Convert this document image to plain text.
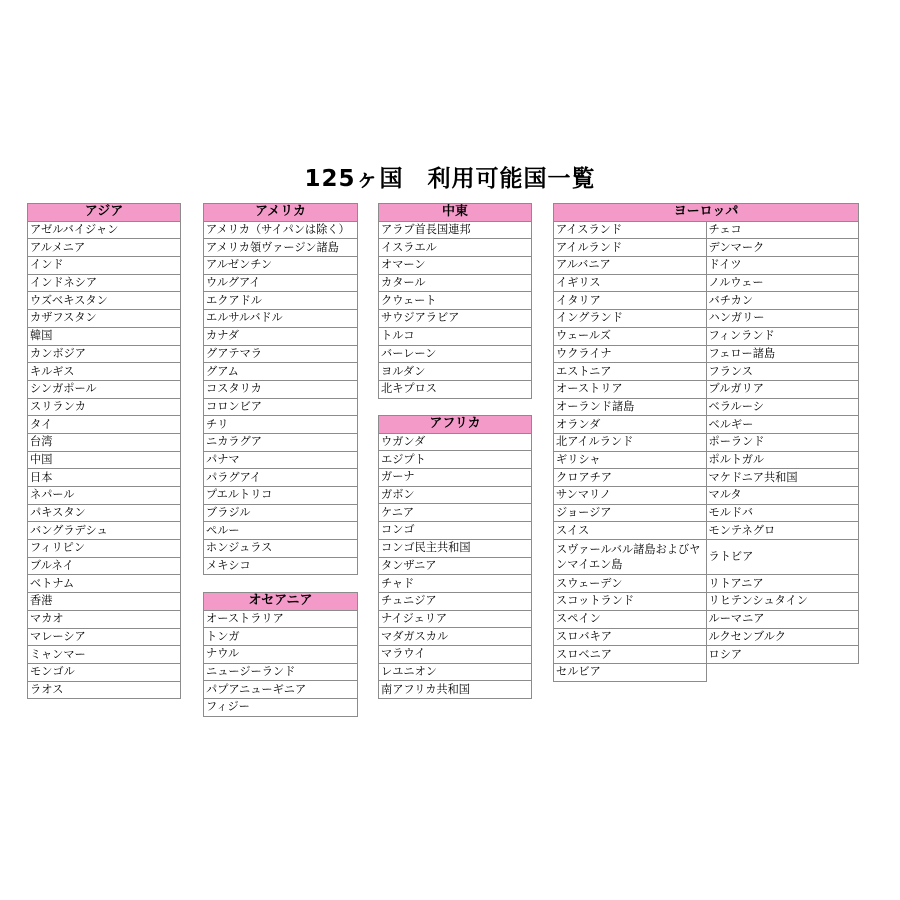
125ヶ国　利用可能国一覧
アジア
アゼルバイジャン
アルメニア
インド
インドネシア
ウズベキスタン
カザフスタン
韓国
カンボジア
キルギス
シンガポール
スリランカ
タイ
台湾
中国
日本
ネパール
パキスタン
バングラデシュ
フィリピン
ブルネイ
ベトナム
香港
マカオ
マレーシア
ミャンマー
モンゴル
ラオス
アメリカ
アメリカ（サイパンは除く）
アメリカ領ヴァージン諸島
アルゼンチン
ウルグアイ
エクアドル
エルサルバドル
カナダ
グアテマラ
グアム
コスタリカ
コロンビア
チリ
ニカラグア
パナマ
パラグアイ
プエルトリコ
ブラジル
ペルー
ホンジュラス
メキシコ
中東
アラブ首長国連邦
イスラエル
オマーン
カタール
クウェート
サウジアラビア
トルコ
バーレーン
ヨルダン
北キプロス
アフリカ
ウガンダ
エジプト
ガーナ
ガボン
ケニア
コンゴ
コンゴ民主共和国
タンザニア
チャド
チュニジア
ナイジェリア
マダガスカル
マラウイ
レユニオン
南アフリカ共和国
オセアニア
オーストラリア
トンガ
ナウル
ニュージーランド
パプアニューギニア
フィジー
ヨーロッパ	
アイスランド	チェコ
アイルランド	デンマーク
アルバニア	ドイツ
イギリス	ノルウェー
イタリア	バチカン
イングランド	ハンガリー
ウェールズ	フィンランド
ウクライナ	フェロー諸島
エストニア	フランス
オーストリア	ブルガリア
オーランド諸島	ベラルーシ
オランダ	ベルギー
北アイルランド	ポーランド
ギリシャ	ポルトガル
クロアチア	マケドニア共和国
サンマリノ	マルタ
ジョージア	モルドバ
スイス	モンテネグロ
スヴァールバル諸島およびヤンマイエン島	ラトビア
スウェーデン	リトアニア
スコットランド	リヒテンシュタイン
スペイン	ルーマニア
スロバキア	ルクセンブルク
スロベニア	ロシア
セルビア	
